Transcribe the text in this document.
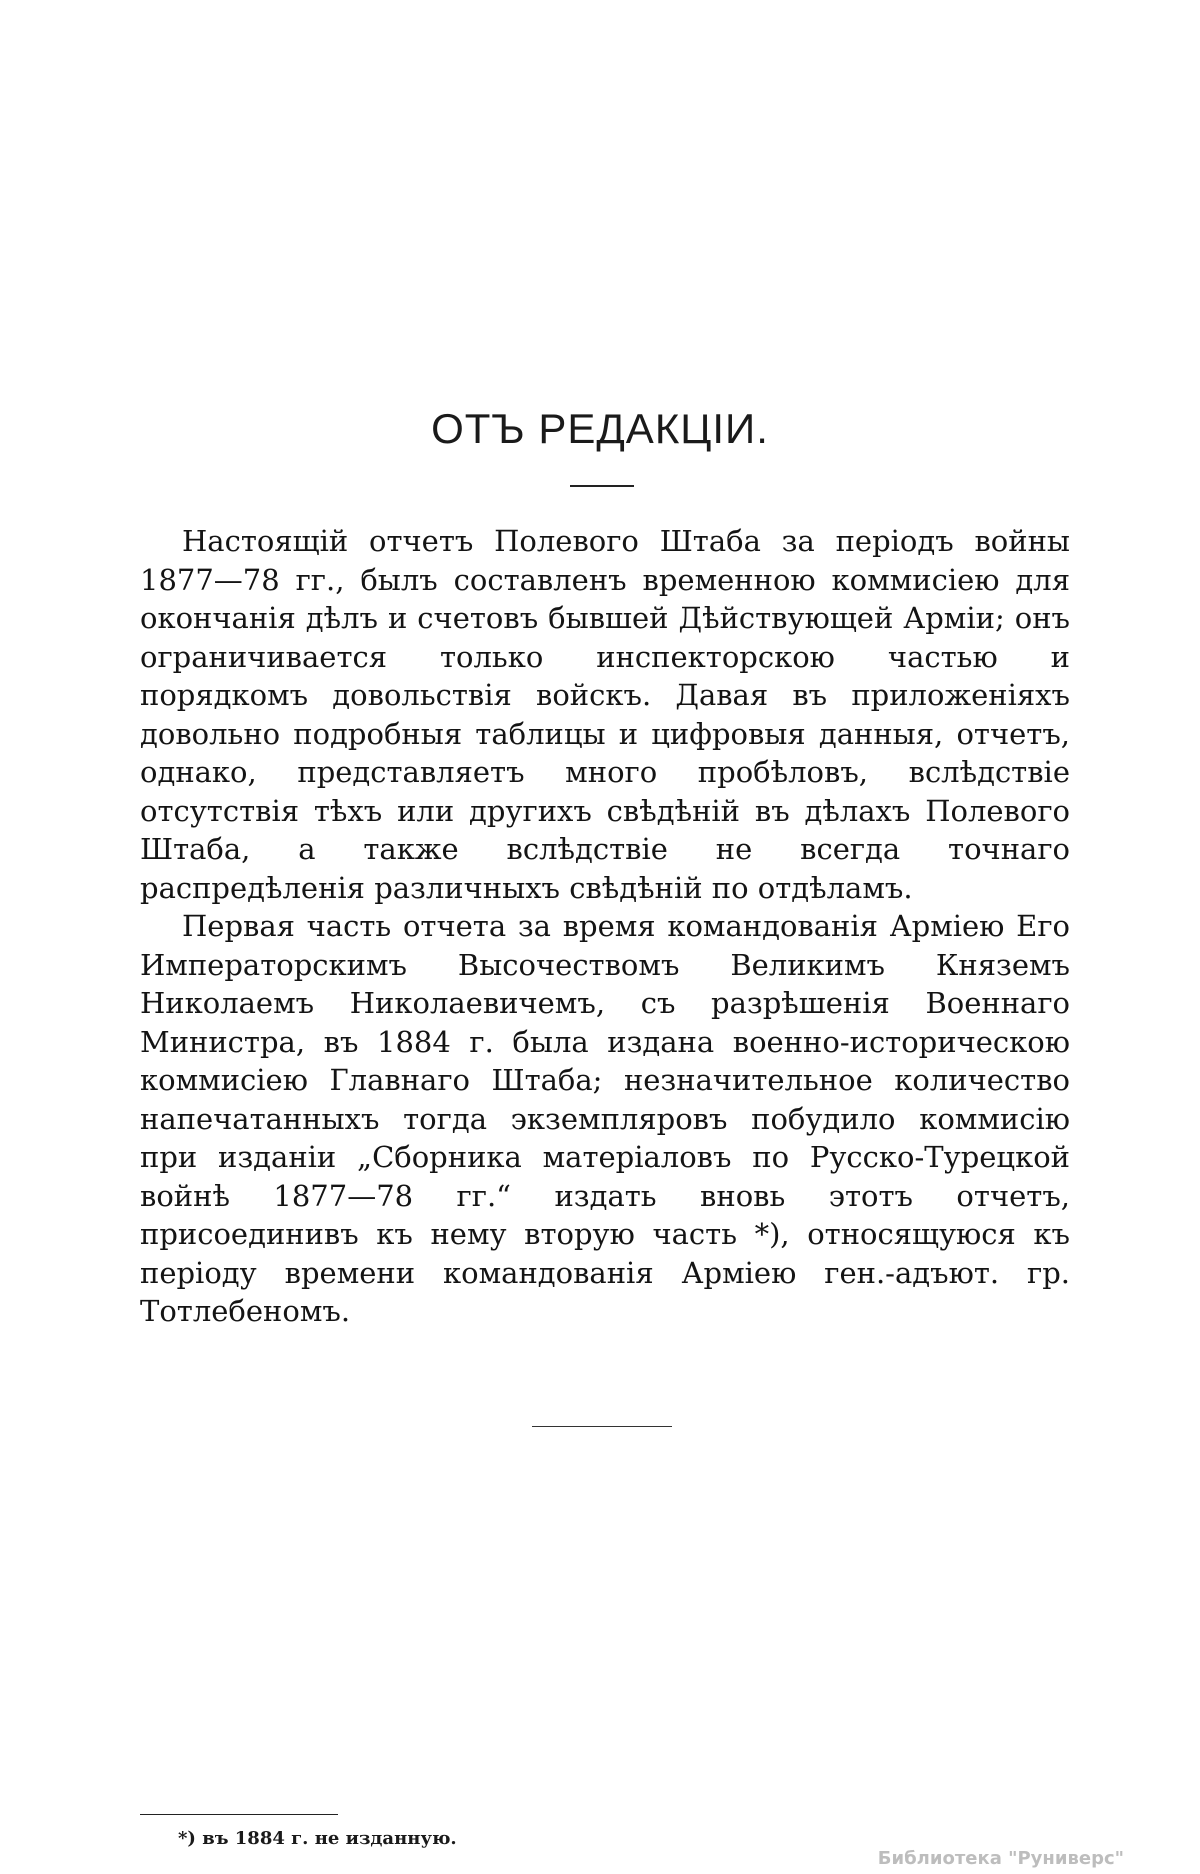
ОТЪ РЕДАКЦІИ.

Настоящій отчетъ Полевого Штаба за періодъ войны 1877—78 гг., былъ составленъ временною коммисіею для окончанія дѣлъ и счетовъ бывшей Дѣйствующей Арміи; онъ ограничивается только инспекторскою частью и порядкомъ довольствія войскъ. Давая въ приложеніяхъ довольно подробныя таблицы и цифровыя данныя, отчетъ, однако, представляетъ много пробѣловъ, вслѣдствіе отсутствія тѣхъ или другихъ свѣдѣній въ дѣлахъ Полевого Штаба, а также вслѣдствіе не всегда точнаго распредѣленія различныхъ свѣдѣній по отдѣламъ.

Первая часть отчета за время командованія Арміею Его Императорскимъ Высочествомъ Великимъ Княземъ Николаемъ Николаевичемъ, съ разрѣшенія Военнаго Министра, въ 1884 г. была издана военно-историческою коммисіею Главнаго Штаба; незначительное количество напечатанныхъ тогда экземпляровъ побудило коммисію при изданіи „Сборника матеріаловъ по Русско-Турецкой войнѣ 1877—78 гг.“ издать вновь этотъ отчетъ, присоединивъ къ нему вторую часть *), относящуюся къ періоду времени командованія Арміею ген.-адъют. гр. Тотлебеномъ.

*) въ 1884 г. не изданную.

Библиотека "Руниверс"
